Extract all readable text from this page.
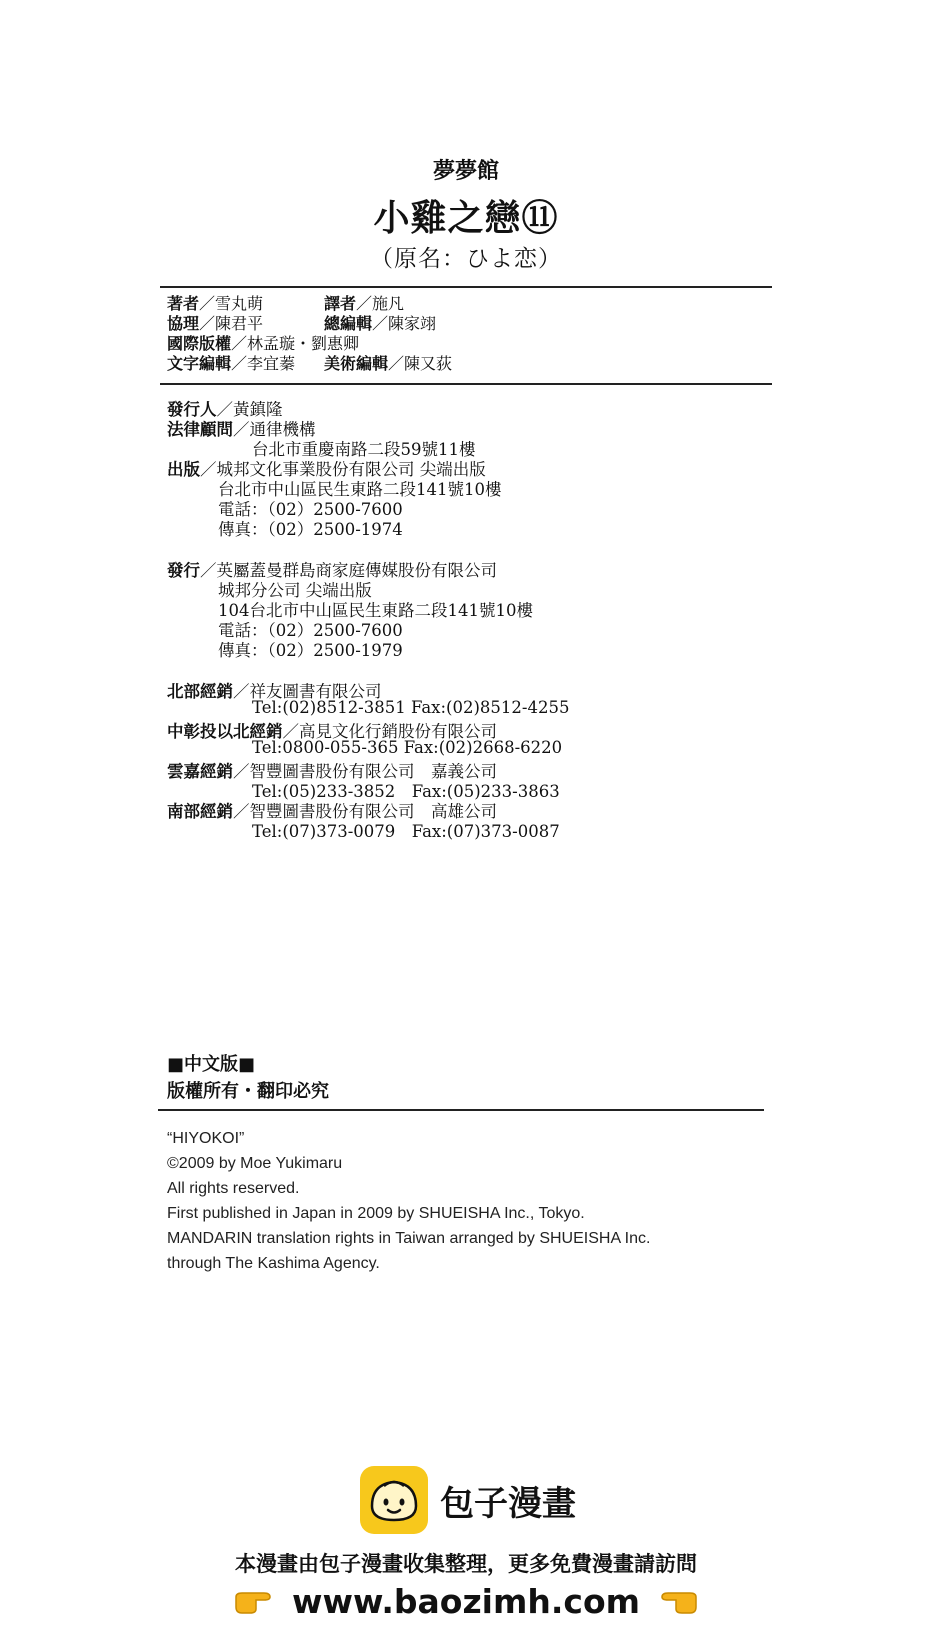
夢夢館
小雞之戀⑪
（原名：ひよ恋）
著者／雪丸萌	譯者／施凡
協理／陳君平	總編輯／陳家翊
國際版權／林孟璇・劉惠卿
文字編輯／李宜蓁 美術編輯／陳又荻
發行人／黃鎮隆
法律顧問／通律機構
台北市重慶南路二段59號11樓
出版／城邦文化事業股份有限公司 尖端出版
台北市中山區民生東路二段141號10樓
電話：（02）2500-7600
傳真：（02）2500-1974
發行／英屬蓋曼群島商家庭傳媒股份有限公司
城邦分公司 尖端出版
104台北市中山區民生東路二段141號10樓
電話：（02）2500-7600
傳真：（02）2500-1979
北部經銷／祥友圖書有限公司
Tel:(02)8512-3851 Fax:(02)8512-4255
中彰投以北經銷／高見文化行銷股份有限公司
Tel:0800-055-365 Fax:(02)2668-6220
雲嘉經銷／智豐圖書股份有限公司　嘉義公司
Tel:(05)233-3852　Fax:(05)233-3863
南部經銷／智豐圖書股份有限公司　高雄公司
Tel:(07)373-0079　Fax:(07)373-0087
■中文版■
版權所有・翻印必究
“HIYOKOI”
©2009 by Moe Yukimaru
All rights reserved.
First published in Japan in 2009 by SHUEISHA Inc., Tokyo.
MANDARIN translation rights in Taiwan arranged by SHUEISHA Inc.
through The Kashima Agency.
包子漫畫
本漫畫由包子漫畫收集整理，更多免費漫畫請訪問
www.baozimh.com
